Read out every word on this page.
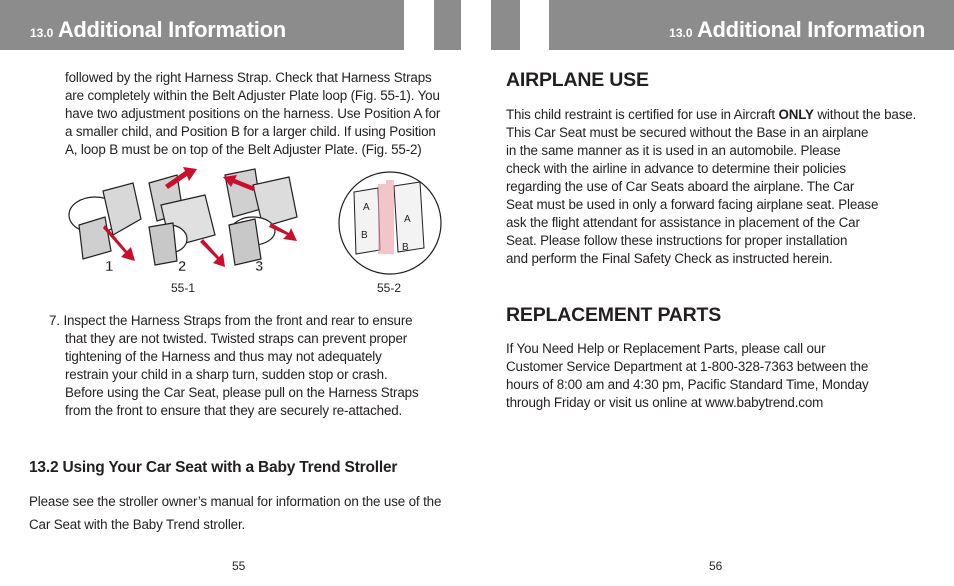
13.0 Additional Information	13.0 Additional Information
followed by the right Harness Strap. Check that Harness Straps
are completely within the Belt Adjuster Plate loop (Fig. 55-1). You
have two adjustment positions on the harness. Use Position A for
a smaller child, and Position B for a larger child. If using Position
A, loop B must be on top of the Belt Adjuster Plate. (Fig. 55-2)
1	2	3
A
B
A
B
55-1	55-2
7. Inspect the Harness Straps from the front and rear to ensure
that they are not twisted. Twisted straps can prevent proper
tightening of the Harness and thus may not adequately
restrain your child in a sharp turn, sudden stop or crash.
Before using the Car Seat, please pull on the Harness Straps
from the front to ensure that they are securely re-attached.
13.2 Using Your Car Seat with a Baby Trend Stroller
Please see the stroller owner’s manual for information on the use of the
Car Seat with the Baby Trend stroller.
55
AIRPLANE USE
This child restraint is certified for use in Aircraft ONLY without the base.
This Car Seat must be secured without the Base in an airplane
in the same manner as it is used in an automobile. Please
check with the airline in advance to determine their policies
regarding the use of Car Seats aboard the airplane. The Car
Seat must be used in only a forward facing airplane seat. Please
ask the flight attendant for assistance in placement of the Car
Seat. Please follow these instructions for proper installation
and perform the Final Safety Check as instructed herein.
REPLACEMENT PARTS
If You Need Help or Replacement Parts, please call our
Customer Service Department at 1-800-328-7363 between the
hours of 8:00 am and 4:30 pm, Pacific Standard Time, Monday
through Friday or visit us online at www.babytrend.com
56
